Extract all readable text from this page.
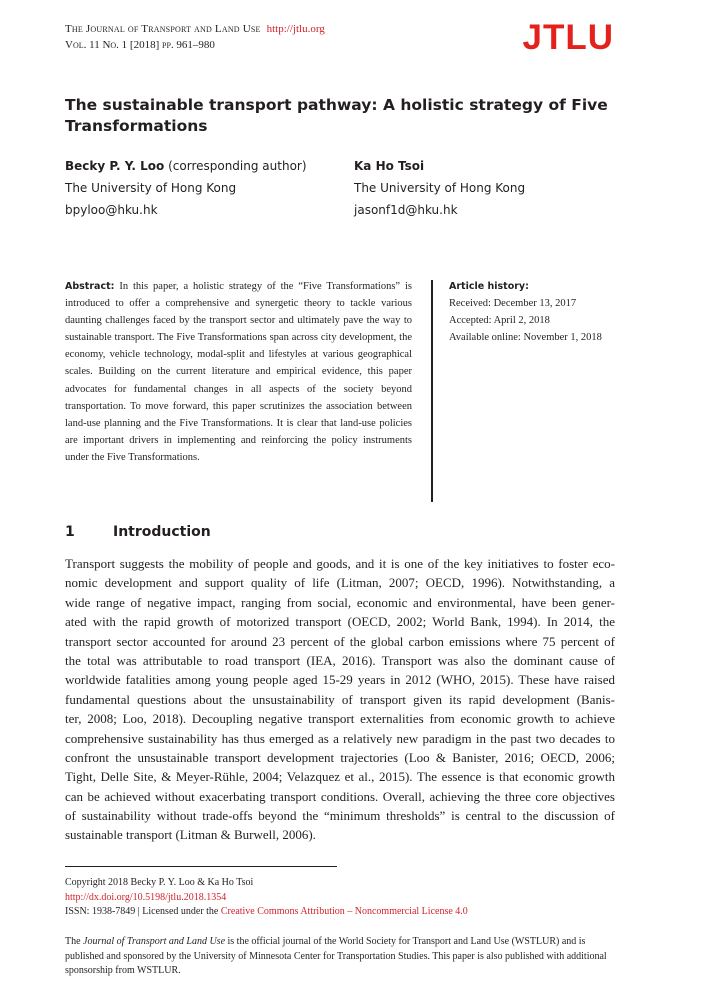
The Journal of Transport and Land Use http://jtlu.org
Vol. 11 No. 1 [2018] pp. 961–980	JTLU
The sustainable transport pathway: A holistic strategy of Five Transformations
Becky P. Y. Loo (corresponding author)
The University of Hong Kong
bpyloo@hku.hk
Ka Ho Tsoi
The University of Hong Kong
jasonf1d@hku.hk
Abstract: In this paper, a holistic strategy of the “Five Transformations” is introduced to offer a comprehensive and synergetic theory to tackle various daunting challenges faced by the transport sector and ultimately pave the way to sustainable transport. The Five Transformations span across city development, the economy, vehicle technology, modal-split and lifestyles at various geographical scales. Building on the current literature and empirical evidence, this paper advocates for fundamental changes in all aspects of the society beyond transportation. To move forward, this paper scrutinizes the association between land-use planning and the Five Transformations. It is clear that land-use policies are important drivers in implementing and reinforcing the policy instruments under the Five Transformations.
Article history:
Received: December 13, 2017
Accepted: April 2, 2018
Available online: November 1, 2018
1	Introduction
Transport suggests the mobility of people and goods, and it is one of the key initiatives to foster eco-
nomic development and support quality of life (Litman, 2007; OECD, 1996). Notwithstanding, a
wide range of negative impact, ranging from social, economic and environmental, have been gener-
ated with the rapid growth of motorized transport (OECD, 2002; World Bank, 1994). In 2014, the
transport sector accounted for around 23 percent of the global carbon emissions where 75 percent of
the total was attributable to road transport (IEA, 2016). Transport was also the dominant cause of
worldwide fatalities among young people aged 15-29 years in 2012 (WHO, 2015). These have raised
fundamental questions about the unsustainability of transport given its rapid development (Banis-
ter, 2008; Loo, 2018). Decoupling negative transport externalities from economic growth to achieve
comprehensive sustainability has thus emerged as a relatively new paradigm in the past two decades to
confront the unsustainable transport development trajectories (Loo & Banister, 2016; OECD, 2006;
Tight, Delle Site, & Meyer-Rühle, 2004; Velazquez et al., 2015). The essence is that economic growth
can be achieved without exacerbating transport conditions. Overall, achieving the three core objectives
of sustainability without trade-offs beyond the “minimum thresholds” is central to the discussion of
sustainable transport (Litman & Burwell, 2006).
Copyright 2018 Becky P. Y. Loo & Ka Ho Tsoi
http://dx.doi.org/10.5198/jtlu.2018.1354
ISSN: 1938-7849 | Licensed under the Creative Commons Attribution – Noncommercial License 4.0
The Journal of Transport and Land Use is the official journal of the World Society for Transport and Land Use (WSTLUR) and is published and sponsored by the University of Minnesota Center for Transportation Studies. This paper is also published with additional sponsorship from WSTLUR.
